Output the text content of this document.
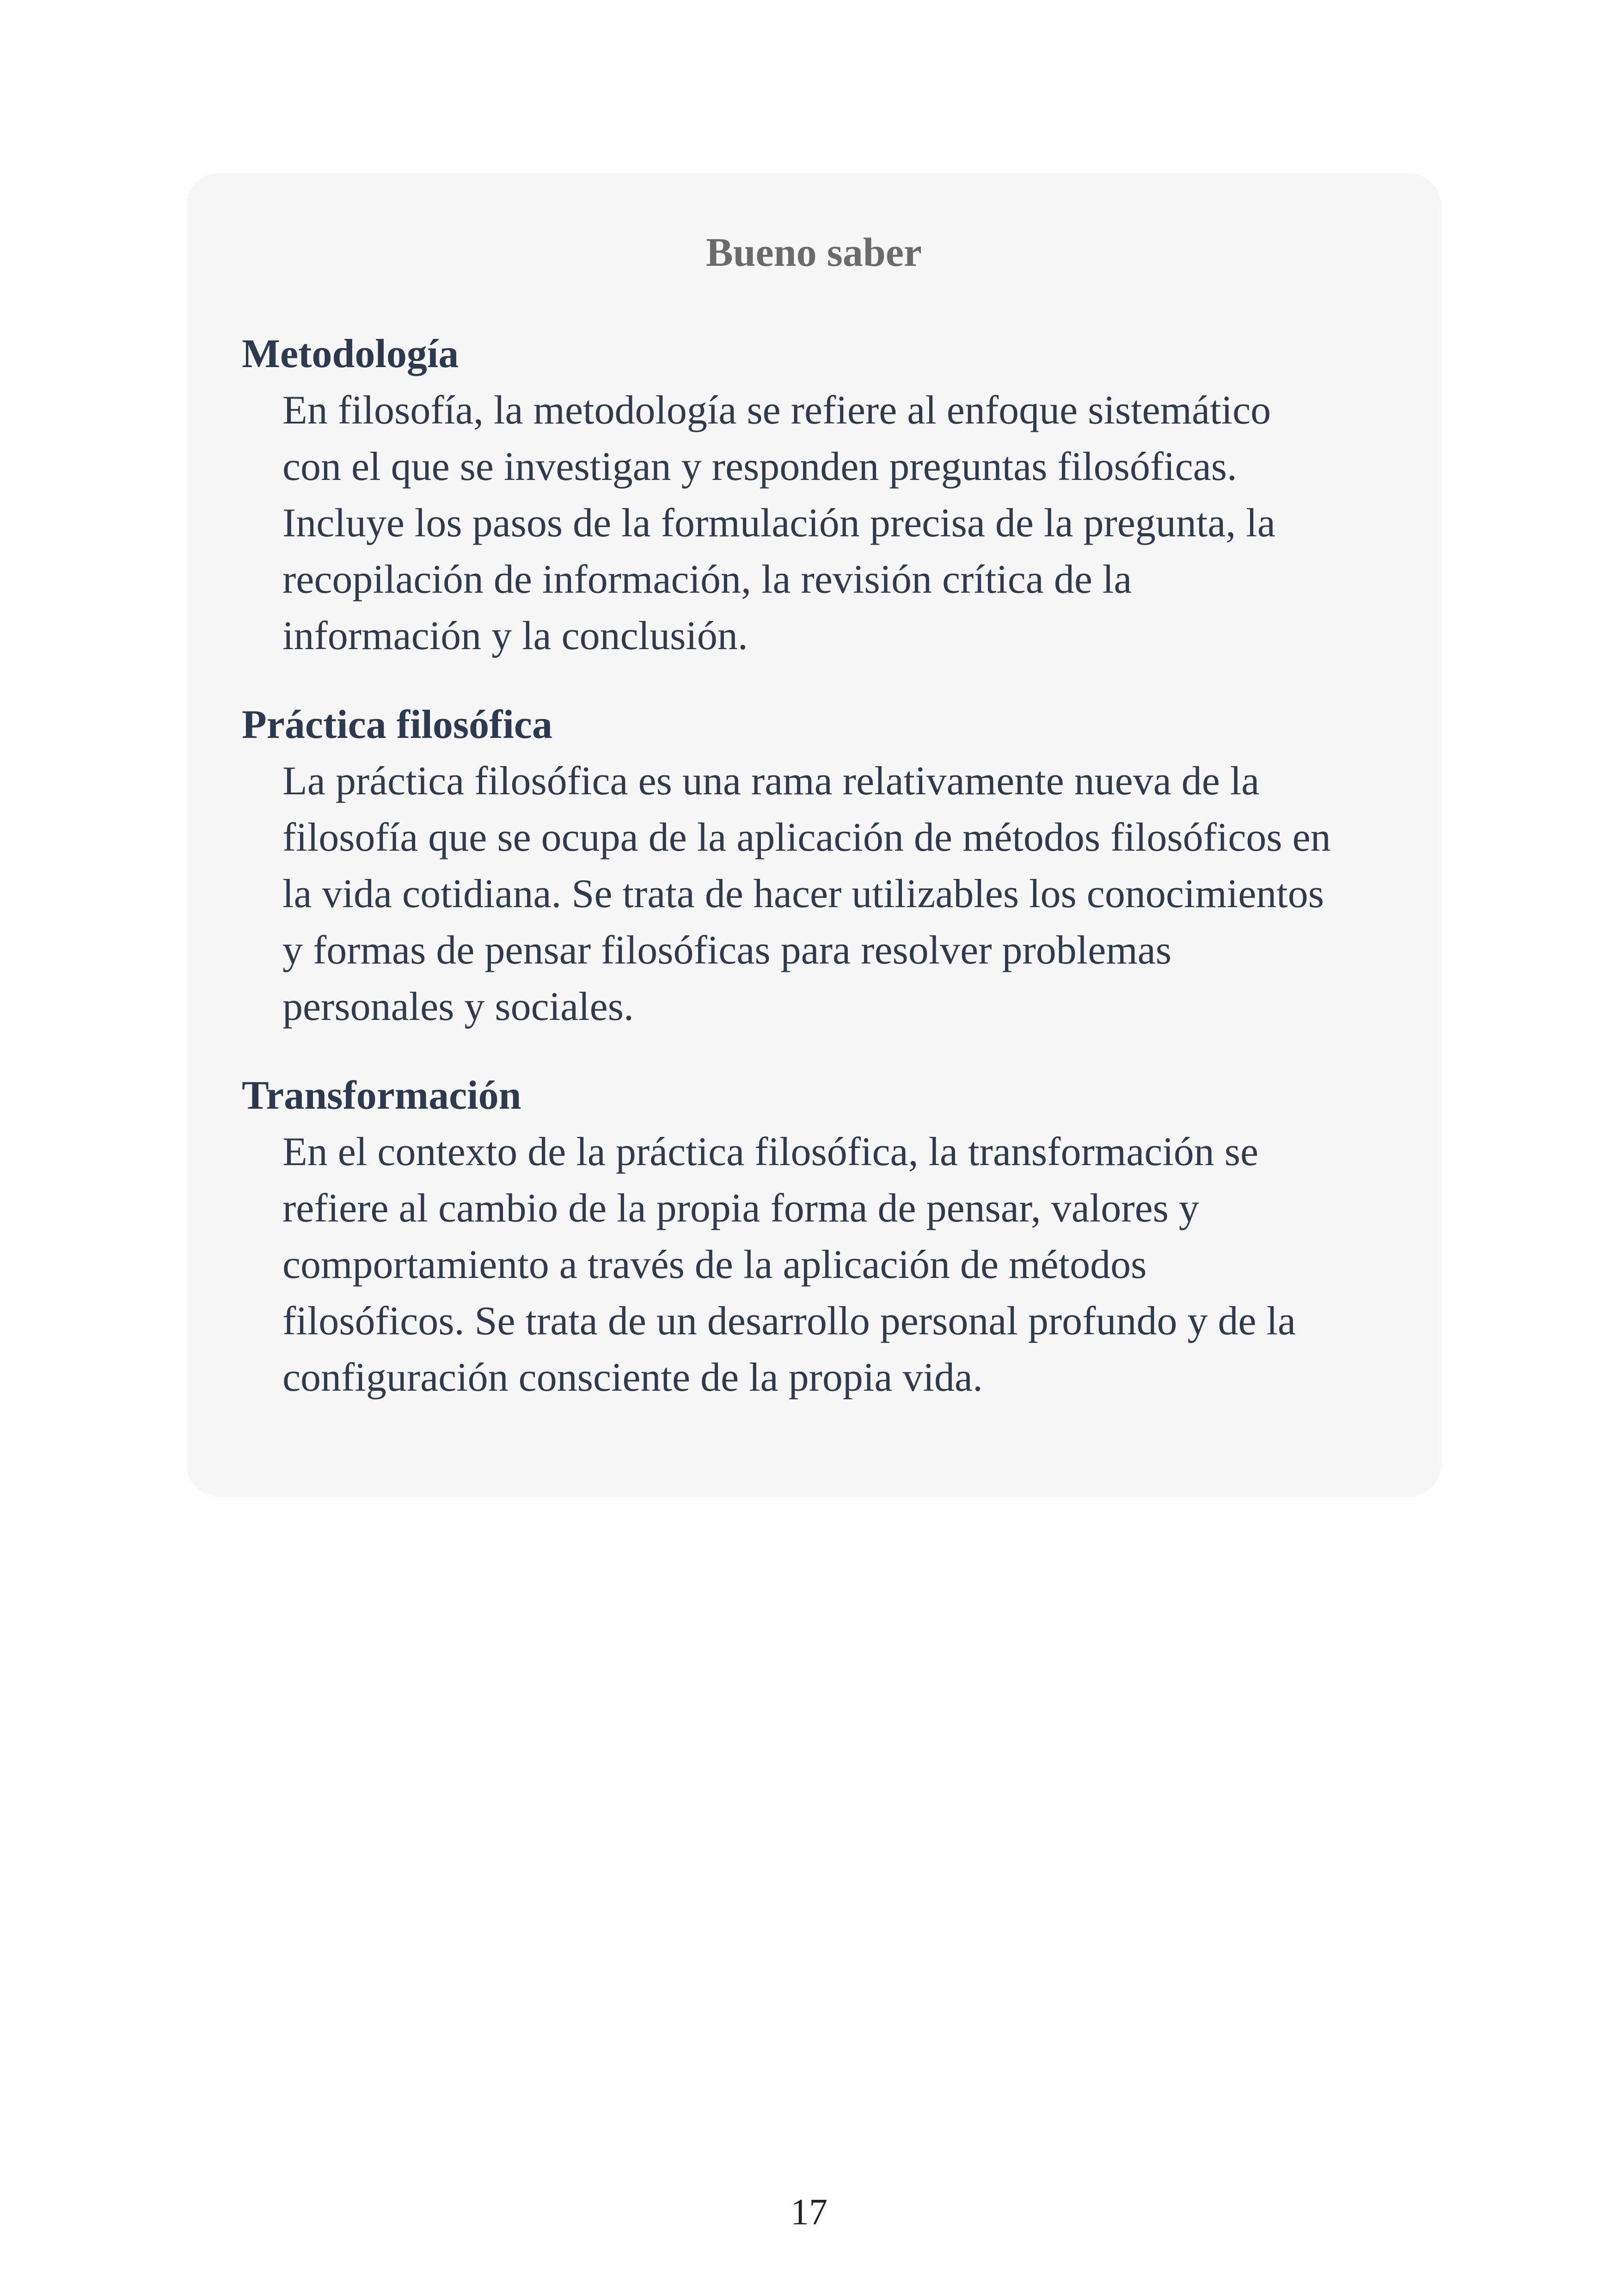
Bueno saber

Metodología

En filosofía, la metodología se refiere al enfoque sistemático
con el que se investigan y responden preguntas filosóficas.
Incluye los pasos de la formulación precisa de la pregunta, la
recopilación de información, la revisión crítica de la
información y la conclusión.

Práctica filosófica

La práctica filosófica es una rama relativamente nueva de la
filosofía que se ocupa de la aplicación de métodos filosóficos en
la vida cotidiana. Se trata de hacer utilizables los conocimientos
y formas de pensar filosóficas para resolver problemas
personales y sociales.

Transformación

En el contexto de la práctica filosófica, la transformación se
refiere al cambio de la propia forma de pensar, valores y
comportamiento a través de la aplicación de métodos
filosóficos. Se trata de un desarrollo personal profundo y de la
configuración consciente de la propia vida.

17
